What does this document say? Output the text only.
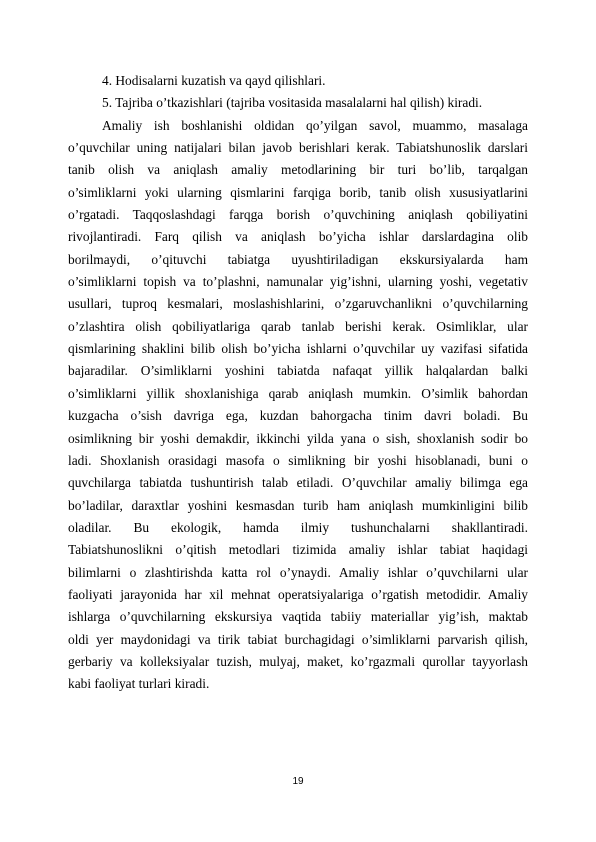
4. Hodisalarni kuzatish va qayd qilishlari.
5. Tajriba o’tkazishlari (tajriba vositasida masalalarni hal qilish) kiradi.
Amaliy ish boshlanishi oldidan qo’yilgan savol, muammo, masalaga
o’quvchilar uning natijalari bilan javob berishlari kerak. Tabiatshunoslik darslari
tanib olish va aniqlash amaliy metodlarining bir turi bo’lib, tarqalgan
o’simliklarni yoki ularning qismlarini farqiga borib, tanib olish xususiyatlarini
o’rgatadi. Taqqoslashdagi farqga borish o’quvchining aniqlash qobiliyatini
rivojlantiradi. Farq qilish va aniqlash bo’yicha ishlar darslardagina olib
borilmaydi, o’qituvchi tabiatga uyushtiriladigan ekskursiyalarda ham
o’simliklarni topish va to’plashni, namunalar yig’ishni, ularning yoshi, vegetativ
usullari, tuproq kesmalari, moslashishlarini, o’zgaruvchanlikni o’quvchilarning
o’zlashtira olish qobiliyatlariga qarab tanlab berishi kerak. Osimliklar, ular
qismlarining shaklini bilib olish bo’yicha ishlarni o’quvchilar uy vazifasi sifatida
bajaradilar. O’simliklarni yoshini tabiatda nafaqat yillik halqalardan balki
o’simliklarni yillik shoxlanishiga qarab aniqlash mumkin. O’simlik bahordan
kuzgacha o’sish davriga ega, kuzdan bahorgacha tinim davri boladi. Bu
osimlikning bir yoshi demakdir, ikkinchi yilda yana o sish, shoxlanish sodir bo
ladi. Shoxlanish orasidagi masofa o simlikning bir yoshi hisoblanadi, buni o
quvchilarga tabiatda tushuntirish talab etiladi. O’quvchilar amaliy bilimga ega
bo’ladilar, daraxtlar yoshini kesmasdan turib ham aniqlash mumkinligini bilib
oladilar. Bu ekologik, hamda ilmiy tushunchalarni shakllantiradi.
Tabiatshunoslikni o’qitish metodlari tizimida amaliy ishlar tabiat haqidagi
bilimlarni o zlashtirishda katta rol o’ynaydi. Amaliy ishlar o’quvchilarni ular
faoliyati jarayonida har xil mehnat operatsiyalariga o’rgatish metodidir. Amaliy
ishlarga o’quvchilarning ekskursiya vaqtida tabiiy materiallar yig’ish, maktab
oldi yer maydonidagi va tirik tabiat burchagidagi o’simliklarni parvarish qilish,
gerbariy va kolleksiyalar tuzish, mulyaj, maket, ko’rgazmali qurollar tayyorlash
kabi faoliyat turlari kiradi.
19
